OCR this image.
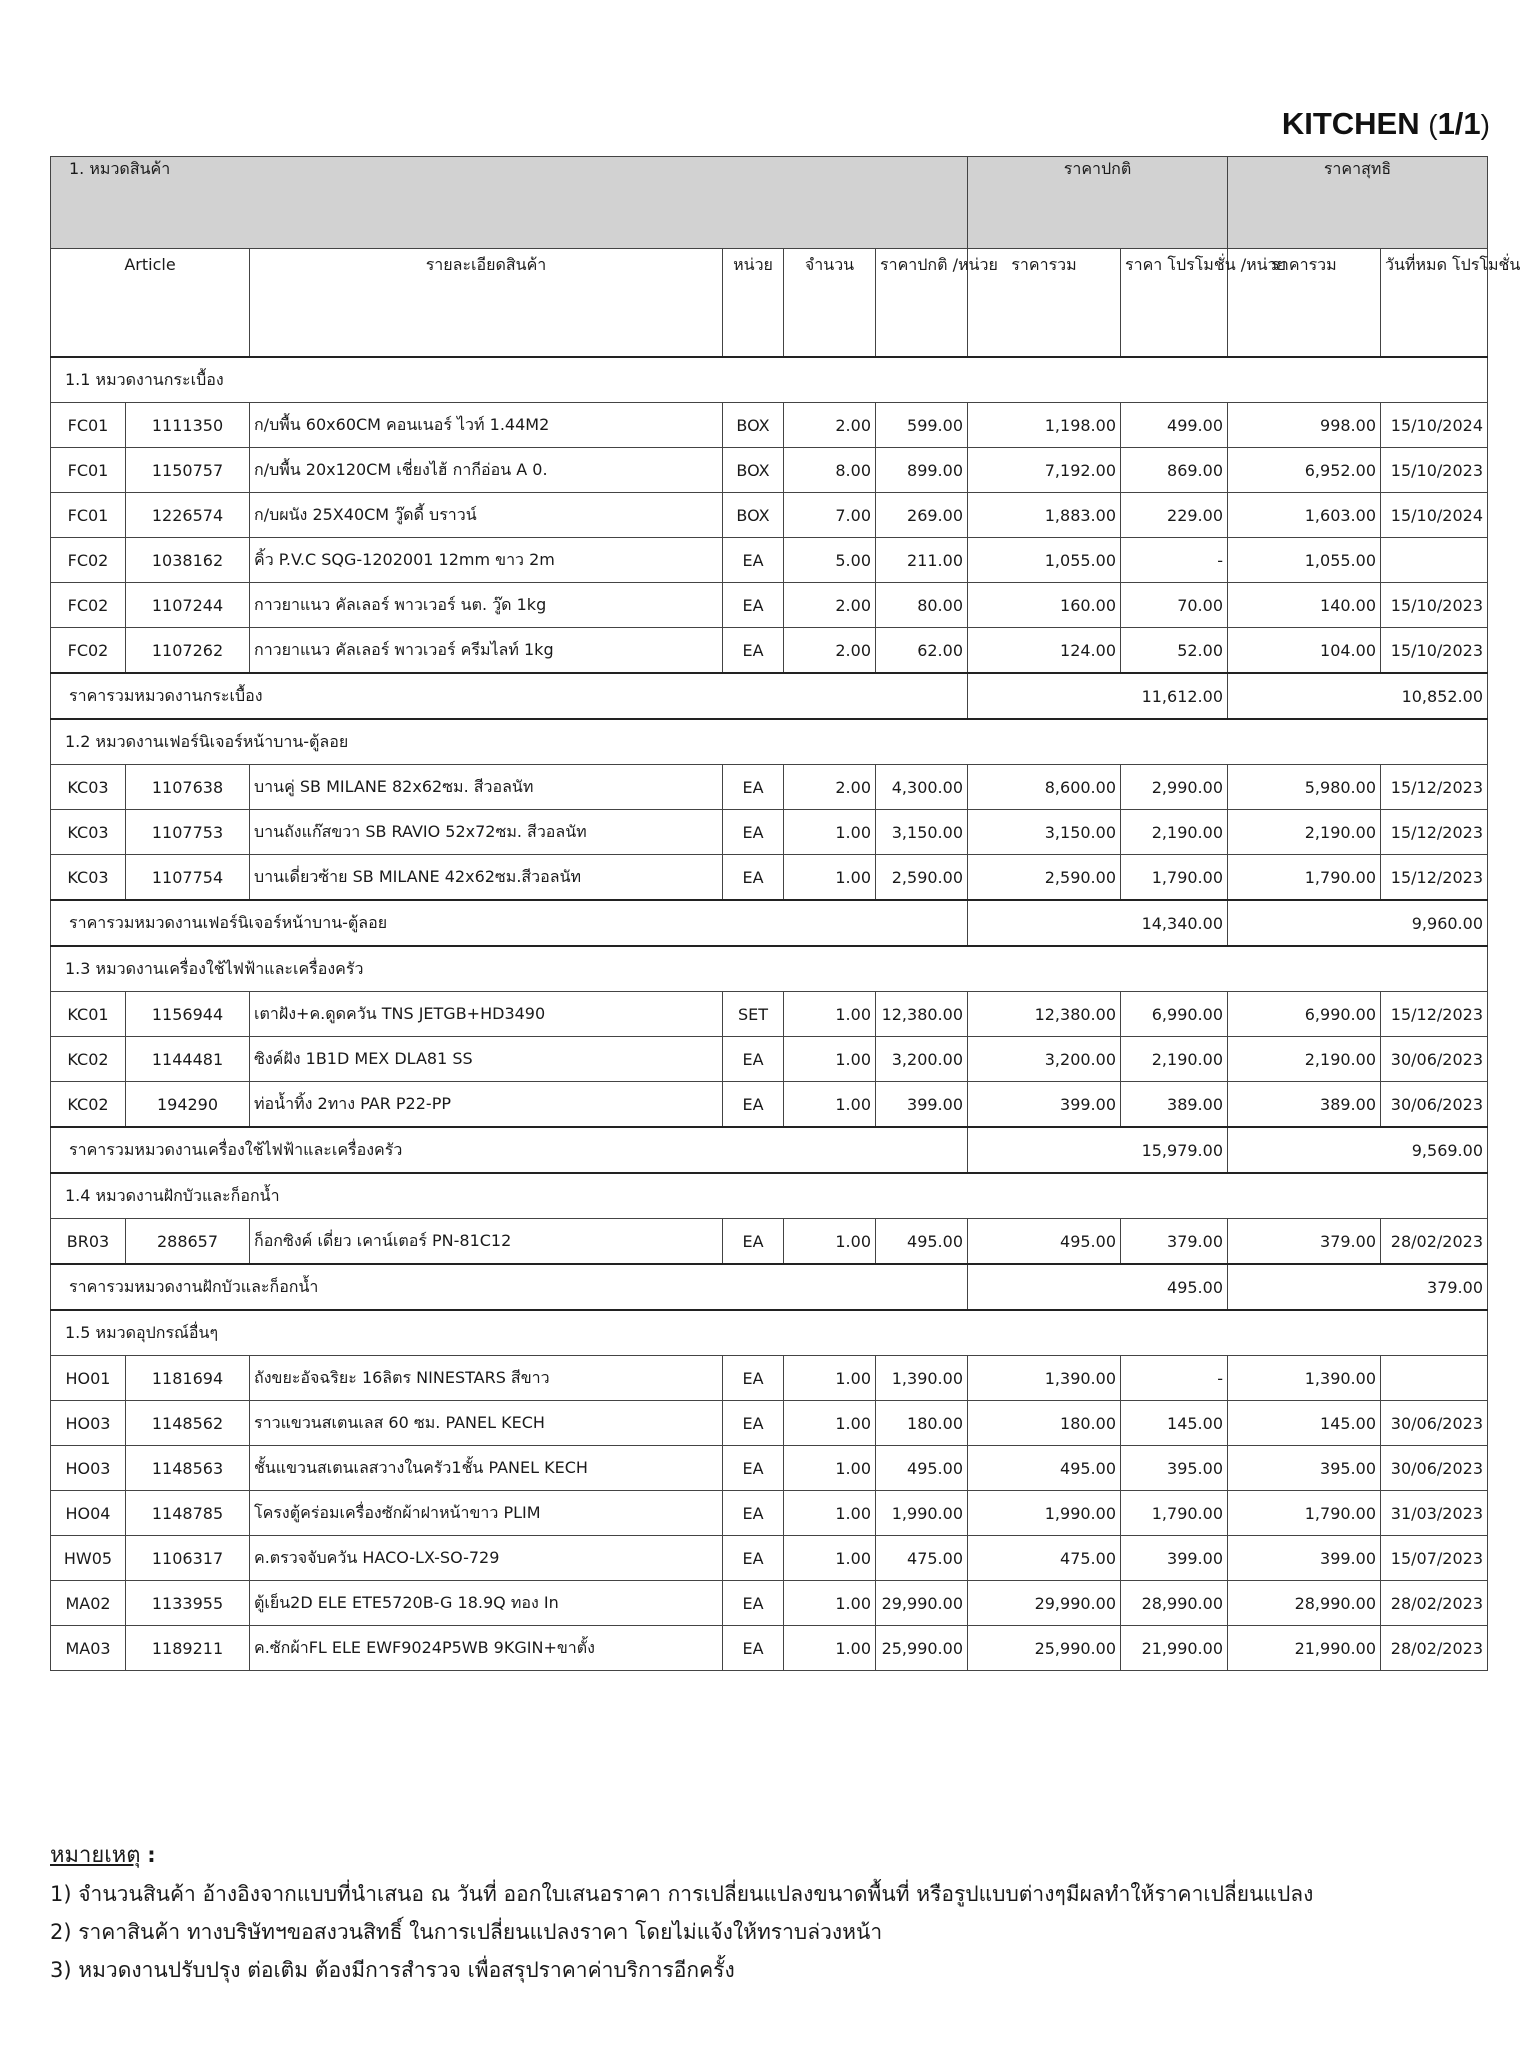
KITCHEN (1/1)
1. หมวดสินค้า						ราคาปกติ		ราคาสุทธิ	
Article		รายละเอียดสินค้า	หน่วย	จำนวน	ราคาปกติ /หน่วย	ราคารวม	ราคา โปรโมชั่น /หน่วย	ราคารวม	วันที่หมด โปรโมชั่น
1.1 หมวดงานกระเบื้อง									
FC01	1111350	ก/บพื้น 60x60CM คอนเนอร์ ไวท์ 1.44M2	BOX	2.00	599.00	1,198.00	499.00	998.00	15/10/2024
FC01	1150757	ก/บพื้น 20x120CM เชี่ยงไฮ้ กากีอ่อน A 0.	BOX	8.00	899.00	7,192.00	869.00	6,952.00	15/10/2023
FC01	1226574	ก/บผนัง 25X40CM วู๊ดดี้ บราวน์	BOX	7.00	269.00	1,883.00	229.00	1,603.00	15/10/2024
FC02	1038162	คิ้ว P.V.C SQG-1202001 12mm ขาว 2m	EA	5.00	211.00	1,055.00	-	1,055.00	
FC02	1107244	กาวยาแนว คัลเลอร์ พาวเวอร์ นต. วู๊ด 1kg	EA	2.00	80.00	160.00	70.00	140.00	15/10/2023
FC02	1107262	กาวยาแนว คัลเลอร์ พาวเวอร์ ครีมไลท์ 1kg	EA	2.00	62.00	124.00	52.00	104.00	15/10/2023
ราคารวมหมวดงานกระเบื้อง						11,612.00		10,852.00	
1.2 หมวดงานเฟอร์นิเจอร์หน้าบาน-ตู้ลอย									
KC03	1107638	บานคู่ SB MILANE 82x62ซม. สีวอลนัท	EA	2.00	4,300.00	8,600.00	2,990.00	5,980.00	15/12/2023
KC03	1107753	บานถังแก๊สขวา SB RAVIO 52x72ซม. สีวอลนัท	EA	1.00	3,150.00	3,150.00	2,190.00	2,190.00	15/12/2023
KC03	1107754	บานเดี่ยวซ้าย SB MILANE 42x62ซม.สีวอลนัท	EA	1.00	2,590.00	2,590.00	1,790.00	1,790.00	15/12/2023
ราคารวมหมวดงานเฟอร์นิเจอร์หน้าบาน-ตู้ลอย						14,340.00		9,960.00	
1.3 หมวดงานเครื่องใช้ไฟฟ้าและเครื่องครัว									
KC01	1156944	เตาฝัง+ค.ดูดควัน TNS JETGB+HD3490	SET	1.00	12,380.00	12,380.00	6,990.00	6,990.00	15/12/2023
KC02	1144481	ซิงค์ฝัง 1B1D MEX DLA81 SS	EA	1.00	3,200.00	3,200.00	2,190.00	2,190.00	30/06/2023
KC02	194290	ท่อน้ำทิ้ง 2ทาง PAR P22-PP	EA	1.00	399.00	399.00	389.00	389.00	30/06/2023
ราคารวมหมวดงานเครื่องใช้ไฟฟ้าและเครื่องครัว						15,979.00		9,569.00	
1.4 หมวดงานฝักบัวและก็อกน้ำ									
BR03	288657	ก็อกซิงค์ เดี่ยว เคาน์เตอร์ PN-81C12	EA	1.00	495.00	495.00	379.00	379.00	28/02/2023
ราคารวมหมวดงานฝักบัวและก็อกน้ำ						495.00		379.00	
1.5 หมวดอุปกรณ์อื่นๆ									
HO01	1181694	ถังขยะอัจฉริยะ 16ลิตร NINESTARS สีขาว	EA	1.00	1,390.00	1,390.00	-	1,390.00	
HO03	1148562	ราวแขวนสเตนเลส 60 ซม. PANEL KECH	EA	1.00	180.00	180.00	145.00	145.00	30/06/2023
HO03	1148563	ชั้นแขวนสเตนเลสวางในครัว1ชั้น PANEL KECH	EA	1.00	495.00	495.00	395.00	395.00	30/06/2023
HO04	1148785	โครงตู้คร่อมเครื่องซักผ้าฝาหน้าขาว PLIM	EA	1.00	1,990.00	1,990.00	1,790.00	1,790.00	31/03/2023
HW05	1106317	ค.ตรวจจับควัน HACO-LX-SO-729	EA	1.00	475.00	475.00	399.00	399.00	15/07/2023
MA02	1133955	ตู้เย็น2D ELE ETE5720B-G 18.9Q ทอง In	EA	1.00	29,990.00	29,990.00	28,990.00	28,990.00	28/02/2023
MA03	1189211	ค.ซักผ้าFL ELE EWF9024P5WB 9KGIN+ขาตั้ง	EA	1.00	25,990.00	25,990.00	21,990.00	21,990.00	28/02/2023
หมายเหตุ :
1) จำนวนสินค้า อ้างอิงจากแบบที่นำเสนอ ณ วันที่ ออกใบเสนอราคา การเปลี่ยนแปลงขนาดพื้นที่ หรือรูปแบบต่างๆมีผลทำให้ราคาเปลี่ยนแปลง
2) ราคาสินค้า ทางบริษัทฯขอสงวนสิทธิ์ ในการเปลี่ยนแปลงราคา โดยไม่แจ้งให้ทราบล่วงหน้า
3) หมวดงานปรับปรุง ต่อเติม ต้องมีการสำรวจ เพื่อสรุปราคาค่าบริการอีกครั้ง
